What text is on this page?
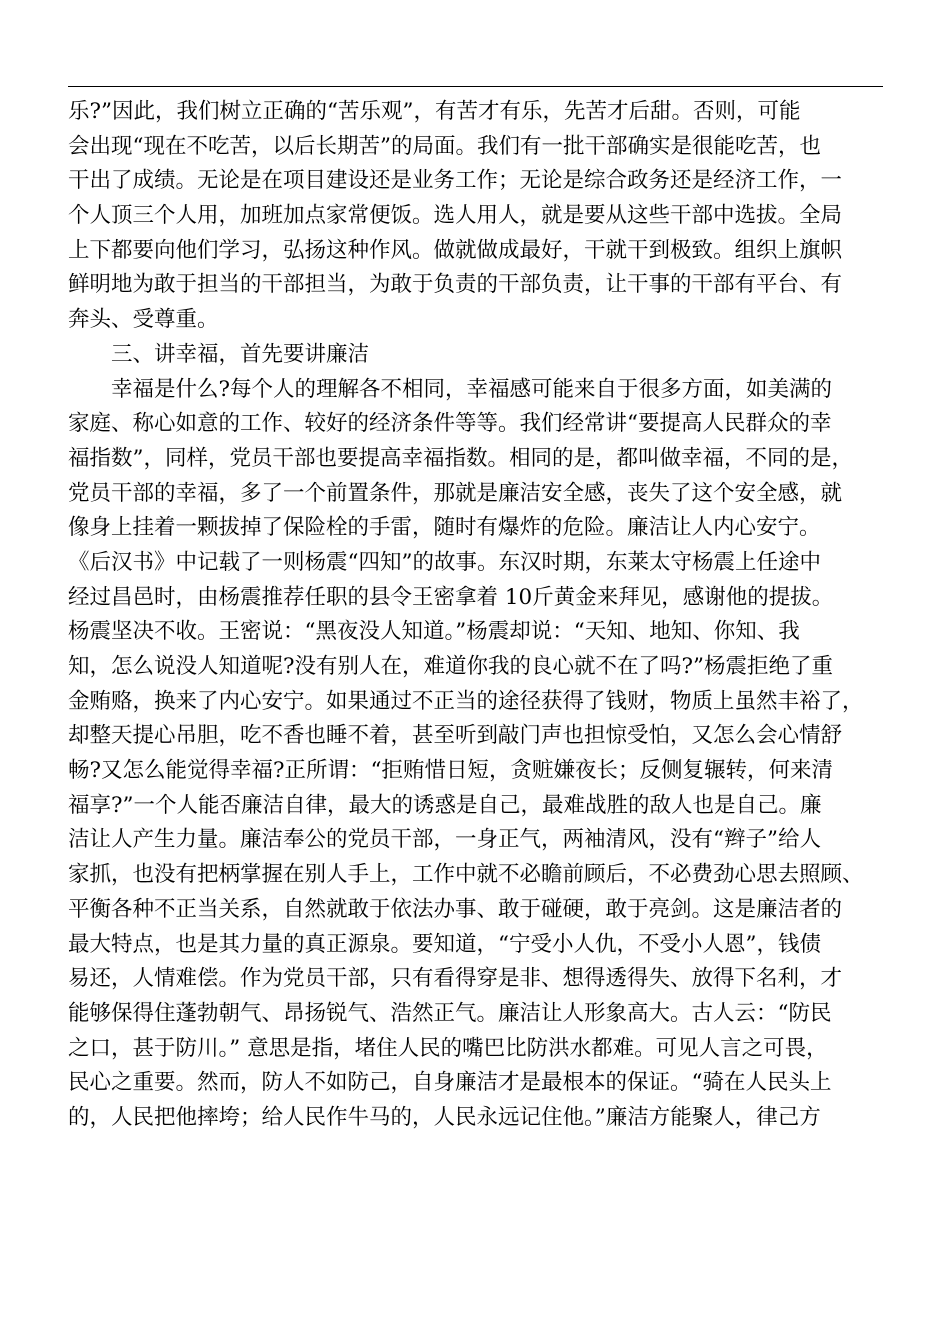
乐?”因此，我们树立正确的“苦乐观”，有苦才有乐，先苦才后甜。否则，可能
会出现“现在不吃苦，以后长期苦”的局面。我们有一批干部确实是很能吃苦，也
干出了成绩。无论是在项目建设还是业务工作；无论是综合政务还是经济工作，一
个人顶三个人用，加班加点家常便饭。选人用人，就是要从这些干部中选拔。全局
上下都要向他们学习，弘扬这种作风。做就做成最好，干就干到极致。组织上旗帜
鲜明地为敢于担当的干部担当，为敢于负责的干部负责，让干事的干部有平台、有
奔头、受尊重。
三、讲幸福，首先要讲廉洁
幸福是什么?每个人的理解各不相同，幸福感可能来自于很多方面，如美满的
家庭、称心如意的工作、较好的经济条件等等。我们经常讲“要提高人民群众的幸
福指数”，同样，党员干部也要提高幸福指数。相同的是，都叫做幸福，不同的是，
党员干部的幸福，多了一个前置条件，那就是廉洁安全感，丧失了这个安全感，就
像身上挂着一颗拔掉了保险栓的手雷，随时有爆炸的危险。廉洁让人内心安宁。
《后汉书》中记载了一则杨震“四知”的故事。东汉时期，东莱太守杨震上任途中
经过昌邑时，由杨震推荐任职的县令王密拿着 10斤黄金来拜见，感谢他的提拔。
杨震坚决不收。王密说：“黑夜没人知道。”杨震却说：“天知、地知、你知、我
知，怎么说没人知道呢?没有别人在，难道你我的良心就不在了吗?”杨震拒绝了重
金贿赂，换来了内心安宁。如果通过不正当的途径获得了钱财，物质上虽然丰裕了，
却整天提心吊胆，吃不香也睡不着，甚至听到敲门声也担惊受怕，又怎么会心情舒
畅?又怎么能觉得幸福?正所谓：“拒贿惜日短，贪赃嫌夜长；反侧复辗转，何来清
福享?”一个人能否廉洁自律，最大的诱惑是自己，最难战胜的敌人也是自己。廉
洁让人产生力量。廉洁奉公的党员干部，一身正气，两袖清风，没有“辫子”给人
家抓，也没有把柄掌握在别人手上，工作中就不必瞻前顾后，不必费劲心思去照顾、
平衡各种不正当关系，自然就敢于依法办事、敢于碰硬，敢于亮剑。这是廉洁者的
最大特点，也是其力量的真正源泉。要知道，“宁受小人仇，不受小人恩”，钱债
易还，人情难偿。作为党员干部，只有看得穿是非、想得透得失、放得下名利，才
能够保得住蓬勃朝气、昂扬锐气、浩然正气。廉洁让人形象高大。古人云：“防民
之口，甚于防川。” 意思是指，堵住人民的嘴巴比防洪水都难。可见人言之可畏，
民心之重要。然而，防人不如防己，自身廉洁才是最根本的保证。“骑在人民头上
的，人民把他摔垮；给人民作牛马的，人民永远记住他。”廉洁方能聚人，律己方
